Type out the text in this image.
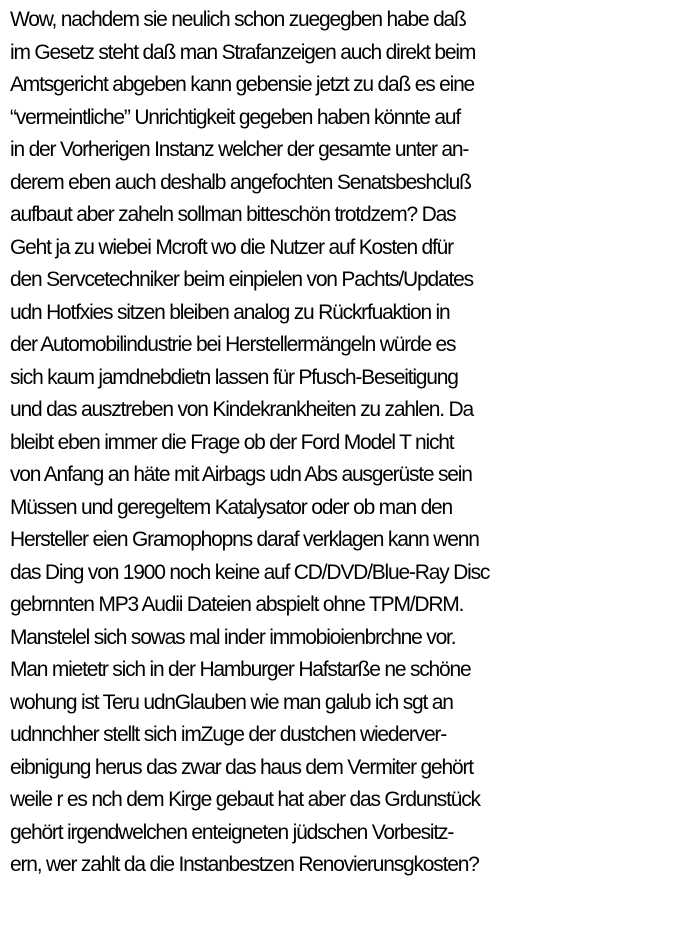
Wow, nachdem sie neulich schon zuegegben habe daß
im Gesetz steht daß man Strafanzeigen auch direkt beim
Amtsgericht abgeben kann gebensie jetzt zu daß es eine
“vermeintliche” Unrichtigkeit gegeben haben könnte auf
in der Vorherigen Instanz welcher der gesamte unter an-
derem eben auch deshalb angefochten Senatsbeshcluß
aufbaut aber zaheln sollman bitteschön trotdzem? Das
Geht ja zu wiebei Mcroft wo die Nutzer auf Kosten dfür
den Servcetechniker beim einpielen von Pachts/Updates
udn Hotfxies sitzen bleiben analog zu Rückrfuaktion in
der Automobilindustrie bei Herstellermängeln würde es
sich kaum jamdnebdietn lassen für Pfusch-Beseitigung
und das ausztreben von Kindekrankheiten zu zahlen. Da
bleibt eben immer die Frage ob der Ford Model T nicht
von Anfang an häte mit Airbags udn Abs ausgerüste sein
Müssen und geregeltem Katalysator oder ob man den
Hersteller eien Gramophopns daraf verklagen kann wenn
das Ding von 1900 noch keine auf CD/DVD/Blue-Ray Disc
gebrnnten MP3 Audii Dateien abspielt ohne TPM/DRM.
Manstelel sich sowas mal inder immobioienbrchne vor.
Man mietetr sich in der Hamburger Hafstarße ne schöne
wohung ist Teru udnGlauben wie man galub ich sgt an
udnnchher stellt sich imZuge der dustchen wiederver-
eibnigung herus das zwar das haus dem Vermiter gehört
weile r es nch dem Kirge gebaut hat aber das Grdunstück
gehört irgendwelchen enteigneten jüdschen Vorbesitz-
ern, wer zahlt da die Instanbestzen Renovierunsgkosten?
